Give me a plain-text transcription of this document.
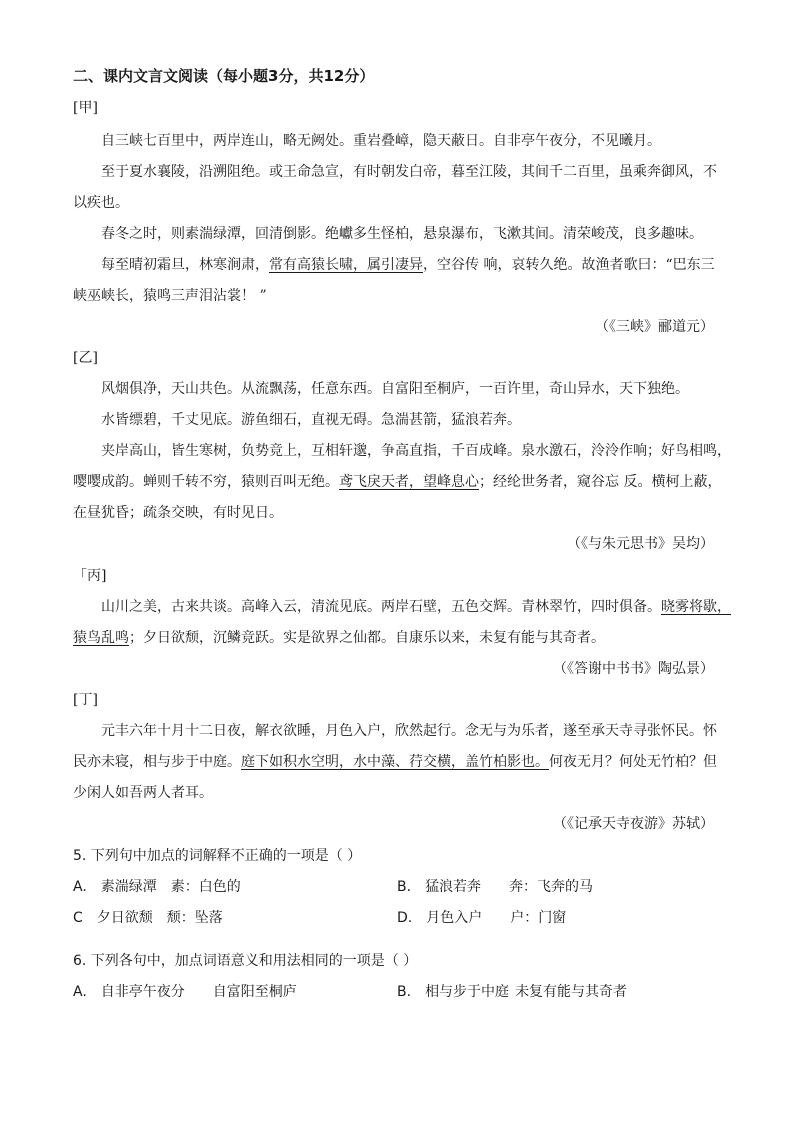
二、课内文言文阅读（每小题3分，共12分）
[甲]
自三峡七百里中，两岸连山，略无阙处。重岩叠嶂，隐天蔽日。自非亭午夜分，不见曦月。
至于夏水襄陵，沿溯阻绝。或王命急宣，有时朝发白帝，暮至江陵，其间千二百里，虽乘奔御风，不
以疾也。
春冬之时，则素湍绿潭，回清倒影。绝巘多生怪柏，悬泉瀑布，飞漱其间。清荣峻茂，良多趣味。
每至晴初霜旦，林寒涧肃，常有高猿长啸，属引凄异，空谷传 响，哀转久绝。故渔者歌曰：“巴东三
峡巫峡长，猿鸣三声泪沾裳！ ”
（《三峡》郦道元）
[乙]
风烟俱净，天山共色。从流飘荡，任意东西。自富阳至桐庐，一百许里，奇山异水，天下独绝。
水皆缥碧，千丈见底。游鱼细石，直视无碍。急湍甚箭，猛浪若奔。
夹岸高山，皆生寒树，负势竞上，互相轩邈，争高直指，千百成峰。泉水激石，泠泠作响；好鸟相鸣，
嘤嘤成韵。蝉则千转不穷，猿则百叫无绝。鸢飞戾天者，望峰息心；经纶世务者，窥谷忘 反。横柯上蔽，
在昼犹昏；疏条交映，有时见日。
（《与朱元思书》吴均）
「丙]
山川之美，古来共谈。高峰入云，清流见底。两岸石壁，五色交辉。青林翠竹，四时俱备。晓雾将歇，
猿鸟乱鸣；夕日欲颓，沉鳞竞跃。实是欲界之仙都。自康乐以来，未复有能与其奇者。
（《答谢中书书》陶弘景）
[丁]
元丰六年十月十二日夜，解衣欲睡，月色入户，欣然起行。念无与为乐者，遂至承天寺寻张怀民。怀
民亦未寝，相与步于中庭。庭下如积水空明，水中藻、荇交横，盖竹柏影也。何夜无月？何处无竹柏？但
少闲人如吾两人者耳。
（《记承天寺夜游》苏轼）
5. 下列句中加点的词解释不正确的一项是（ ）
A. 素湍绿潭 素：白色的	B. 猛浪若奔 奔：飞奔的马
C 夕日欲颓 颓：坠落	D. 月色入户 户：门窗
6. 下列各句中，加点词语意义和用法相同的一项是（ ）
A. 自非亭午夜分 自富阳至桐庐	B. 相与步于中庭 未复有能与其奇者
